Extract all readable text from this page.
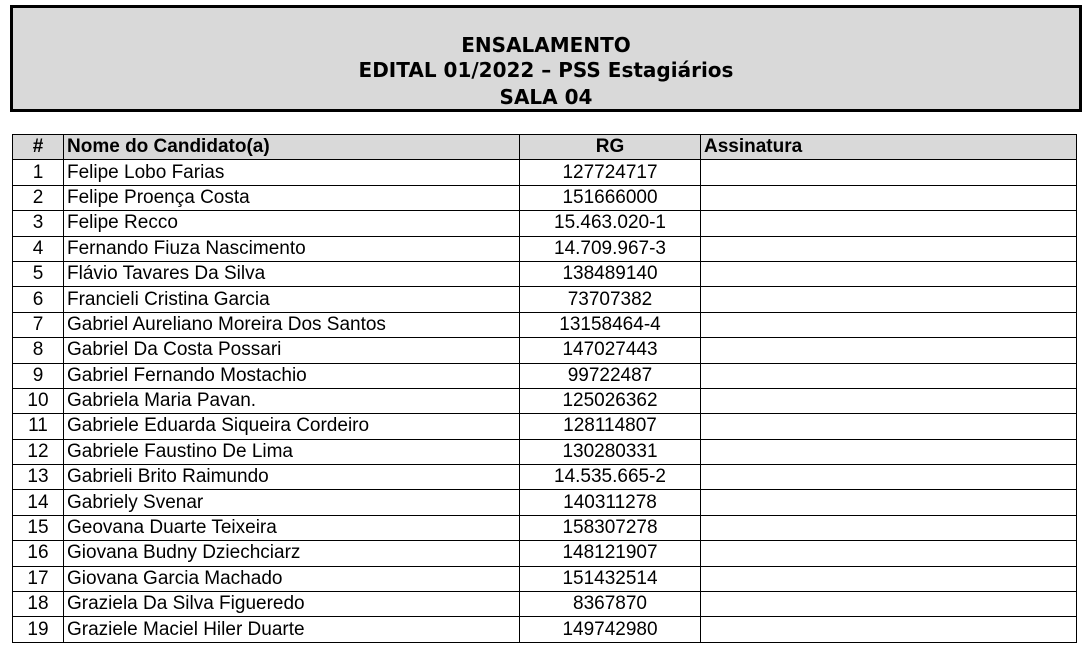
ENSALAMENTO
EDITAL 01/2022 – PSS Estagiários
SALA 04
#	Nome do Candidato(a)	RG	Assinatura
1	Felipe Lobo Farias	127724717	
2	Felipe Proença Costa	151666000	
3	Felipe Recco	15.463.020-1	
4	Fernando Fiuza Nascimento	14.709.967-3	
5	Flávio Tavares Da Silva	138489140	
6	Francieli Cristina Garcia	73707382	
7	Gabriel Aureliano Moreira Dos Santos	13158464-4	
8	Gabriel Da Costa Possari	147027443	
9	Gabriel Fernando Mostachio	99722487	
10	Gabriela Maria Pavan.	125026362	
11	Gabriele Eduarda Siqueira Cordeiro	128114807	
12	Gabriele Faustino De Lima	130280331	
13	Gabrieli Brito Raimundo	14.535.665-2	
14	Gabriely Svenar	140311278	
15	Geovana Duarte Teixeira	158307278	
16	Giovana Budny Dziechciarz	148121907	
17	Giovana Garcia Machado	151432514	
18	Graziela Da Silva Figueredo	8367870	
19	Graziele Maciel Hiler Duarte	149742980	
